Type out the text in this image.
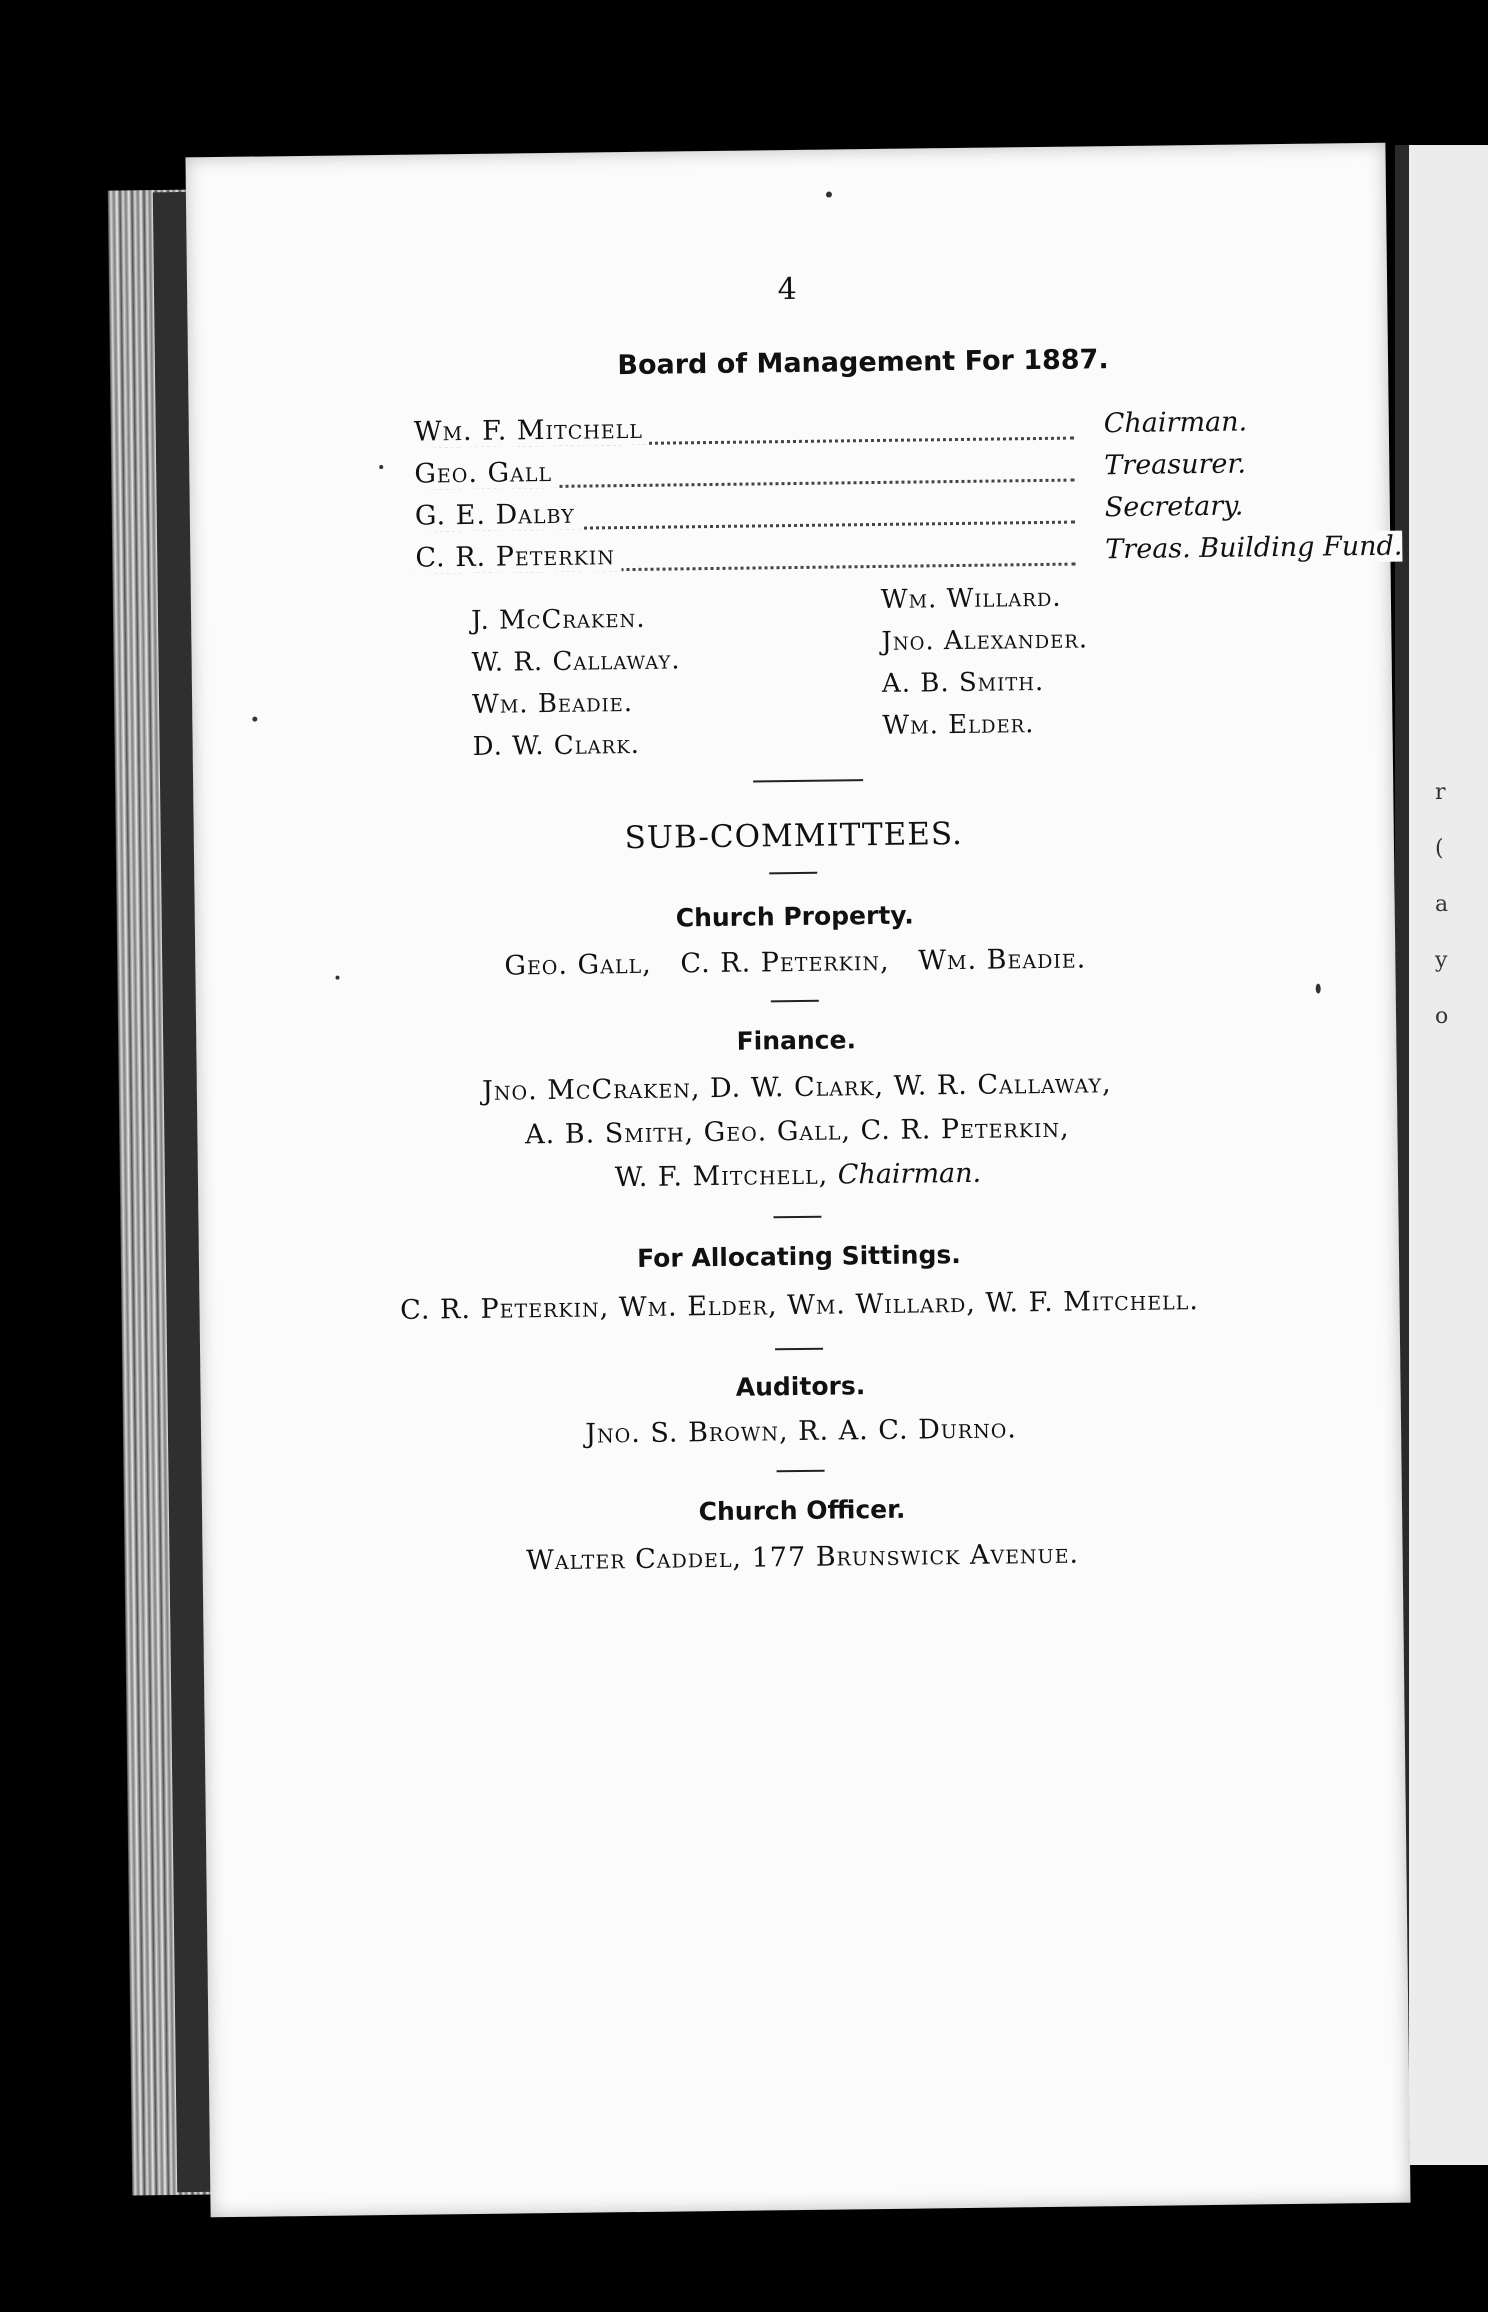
r
(
a
y
o
4
Board of Management For 1887.
Wm. F. Mitchell	Chairman.
Geo. Gall	Treasurer.
G. E. Dalby	Secretary.
C. R. Peterkin	Treas. Building Fund.
J. McCraken.
W. R. Callaway.
Wm. Beadie.
D. W. Clark.
Wm. Willard.
Jno. Alexander.
A. B. Smith.
Wm. Elder.
SUB-COMMITTEES.
Church Property.
Geo. Gall,   C. R. Peterkin,   Wm. Beadie.
Finance.
Jno. McCraken, D. W. Clark, W. R. Callaway,
A. B. Smith, Geo. Gall, C. R. Peterkin,
W. F. Mitchell, Chairman.
For Allocating Sittings.
C. R. Peterkin, Wm. Elder, Wm. Willard, W. F. Mitchell.
Auditors.
Jno. S. Brown, R. A. C. Durno.
Church Officer.
Walter Caddel, 177 Brunswick Avenue.
